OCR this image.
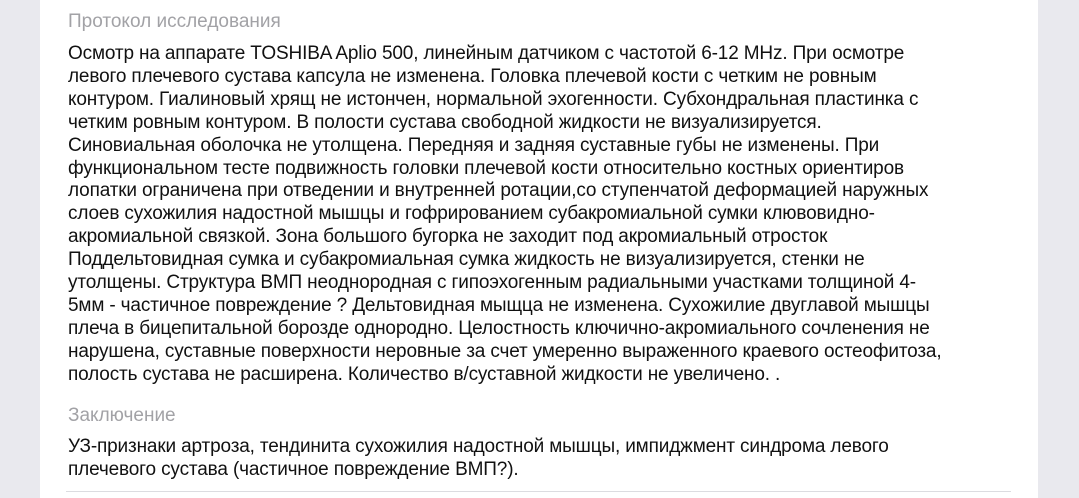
Протокол исследования
Осмотр на аппарате TOSHIBA Aplio 500, линейным датчиком с частотой 6-12 MHz. При осмотре
левого плечевого сустава капсула не изменена. Головка плечевой кости с четким не ровным
контуром. Гиалиновый хрящ не истончен, нормальной эхогенности. Субхондральная пластинка с
четким ровным контуром. В полости сустава свободной жидкости не визуализируется.
Синовиальная оболочка не утолщена. Передняя и задняя суставные губы не изменены. При
функциональном тесте подвижность головки плечевой кости относительно костных ориентиров
лопатки ограничена при отведении и внутренней ротации,со ступенчатой деформацией наружных
слоев сухожилия надостной мышцы и гофрированием субакромиальной сумки клювовидно-
акромиальной связкой. Зона большого бугорка не заходит под акромиальный отросток
Поддельтовидная сумка и субакромиальная сумка жидкость не визуализируется, стенки не
утолщены. Структура ВМП неоднородная с гипоэхогенным радиальными участками толщиной 4-
5мм - частичное повреждение ? Дельтовидная мыщца не изменена. Сухожилие двуглавой мышцы
плеча в бицепитальной борозде однородно. Целостность ключично-акромиального сочленения не
нарушена, суставные поверхности неровные за счет умеренно выраженного краевого остеофитоза,
полость сустава не расширена. Количество в/суставной жидкости не увеличено. .
Заключение
УЗ-признаки артроза, тендинита сухожилия надостной мышцы, импиджмент синдрома левого
плечевого сустава (частичное повреждение ВМП?).
